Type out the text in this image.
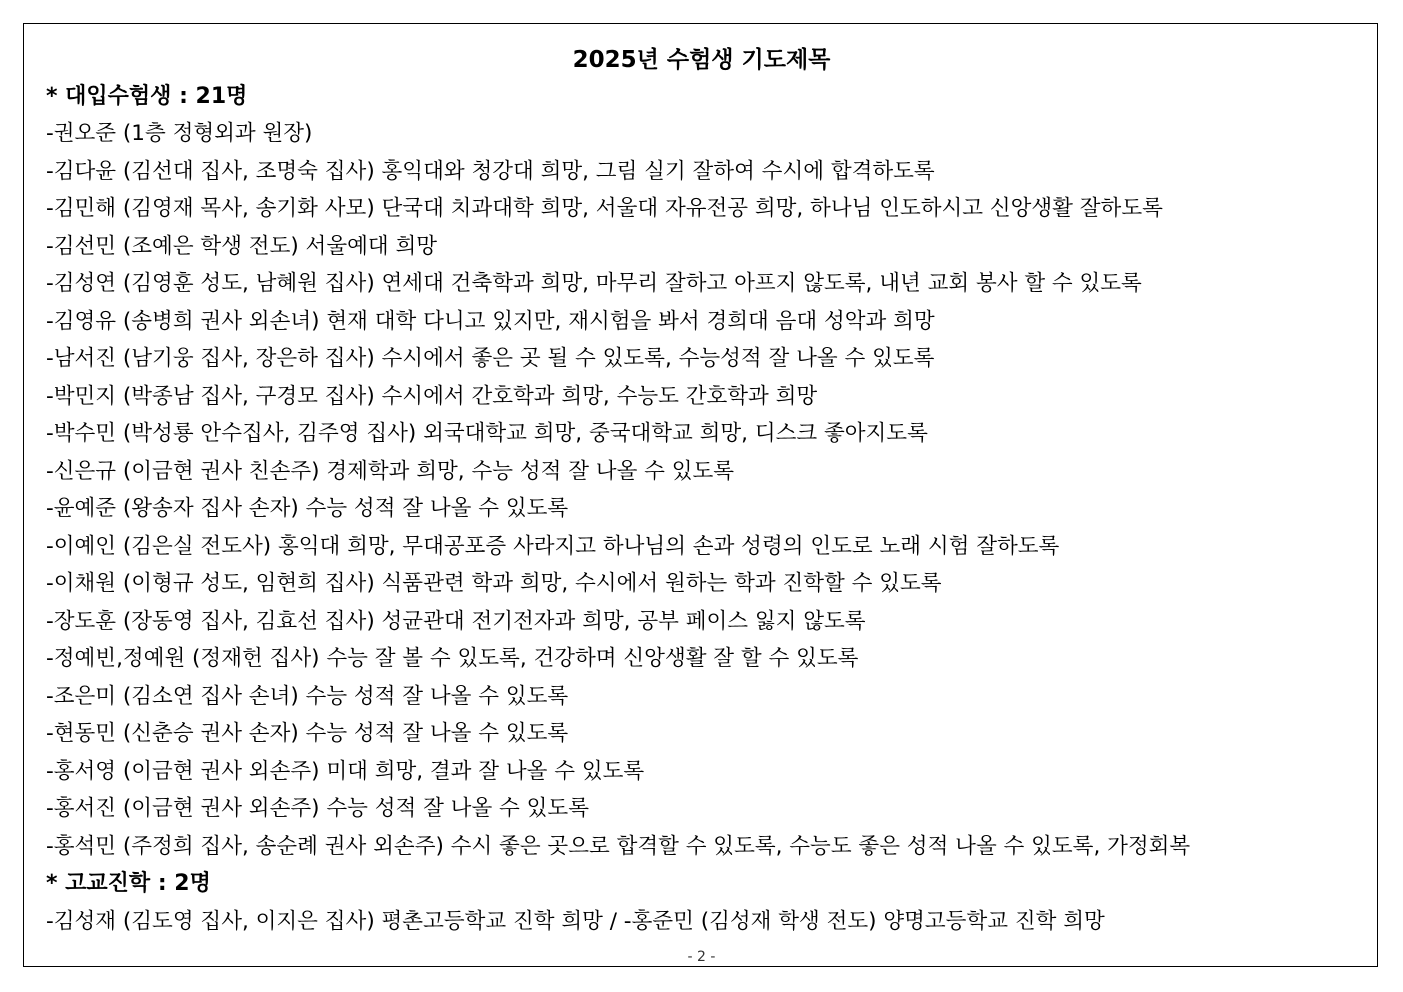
2025년 수험생 기도제목
* 대입수험생 : 21명
-권오준 (1층 정형외과 원장)
-김다윤 (김선대 집사, 조명숙 집사) 홍익대와 청강대 희망, 그림 실기 잘하여 수시에 합격하도록
-김민해 (김영재 목사, 송기화 사모) 단국대 치과대학 희망, 서울대 자유전공 희망, 하나님 인도하시고 신앙생활 잘하도록
-김선민 (조예은 학생 전도) 서울예대 희망
-김성연 (김영훈 성도, 남혜원 집사) 연세대 건축학과 희망, 마무리 잘하고 아프지 않도록, 내년 교회 봉사 할 수 있도록
-김영유 (송병희 권사 외손녀) 현재 대학 다니고 있지만, 재시험을 봐서 경희대 음대 성악과 희망
-남서진 (남기웅 집사, 장은하 집사) 수시에서 좋은 곳 될 수 있도록, 수능성적 잘 나올 수 있도록
-박민지 (박종남 집사, 구경모 집사) 수시에서 간호학과 희망, 수능도 간호학과 희망
-박수민 (박성룡 안수집사, 김주영 집사) 외국대학교 희망, 중국대학교 희망, 디스크 좋아지도록
-신은규 (이금현 권사 친손주) 경제학과 희망, 수능 성적 잘 나올 수 있도록
-윤예준 (왕송자 집사 손자) 수능 성적 잘 나올 수 있도록
-이예인 (김은실 전도사) 홍익대 희망, 무대공포증 사라지고 하나님의 손과 성령의 인도로 노래 시험 잘하도록
-이채원 (이형규 성도, 임현희 집사) 식품관련 학과 희망, 수시에서 원하는 학과 진학할 수 있도록
-장도훈 (장동영 집사, 김효선 집사) 성균관대 전기전자과 희망, 공부 페이스 잃지 않도록
-정예빈,정예원 (정재헌 집사) 수능 잘 볼 수 있도록, 건강하며 신앙생활 잘 할 수 있도록
-조은미 (김소연 집사 손녀) 수능 성적 잘 나올 수 있도록
-현동민 (신춘승 권사 손자) 수능 성적 잘 나올 수 있도록
-홍서영 (이금현 권사 외손주) 미대 희망, 결과 잘 나올 수 있도록
-홍서진 (이금현 권사 외손주) 수능 성적 잘 나올 수 있도록
-홍석민 (주정희 집사, 송순례 권사 외손주) 수시 좋은 곳으로 합격할 수 있도록, 수능도 좋은 성적 나올 수 있도록, 가정회복
* 고교진학 : 2명
-김성재 (김도영 집사, 이지은 집사) 평촌고등학교 진학 희망 / -홍준민 (김성재 학생 전도) 양명고등학교 진학 희망
- 2 -
